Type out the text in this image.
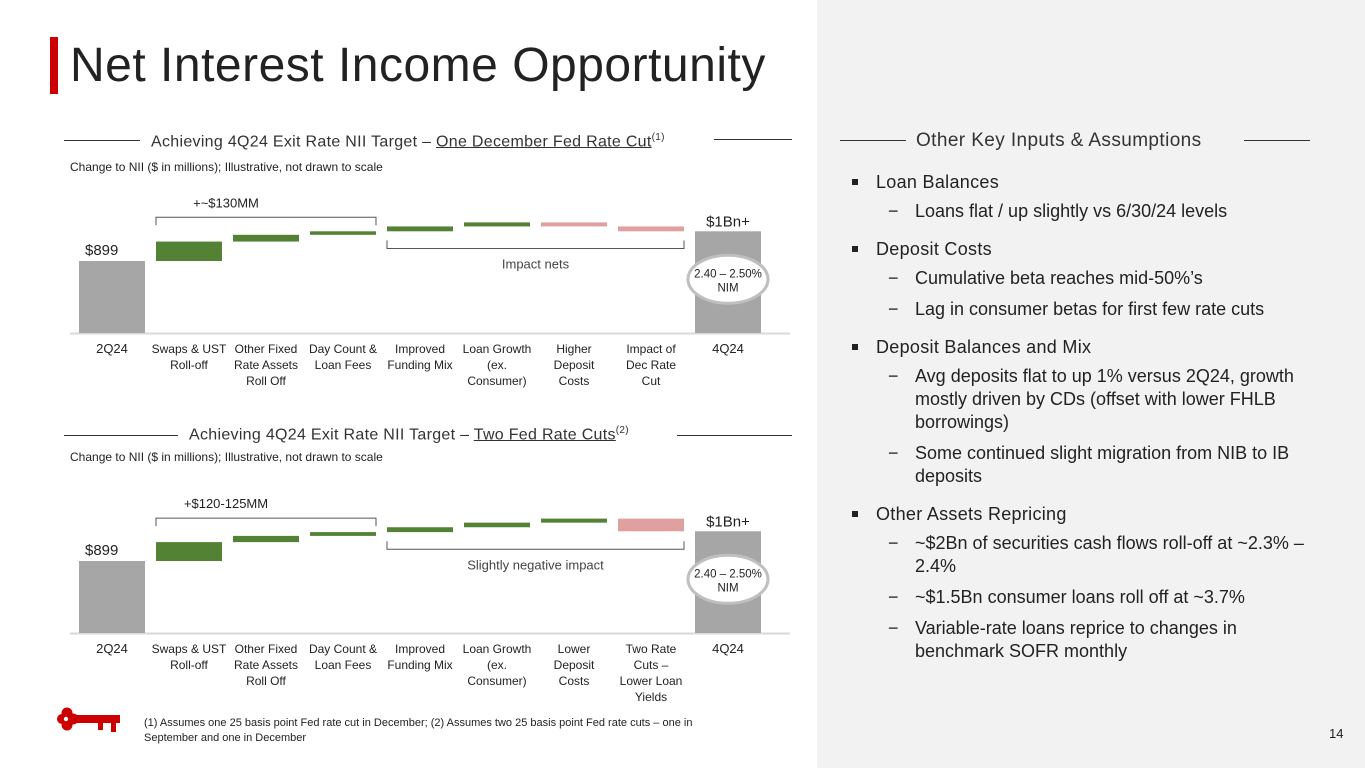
Net Interest Income Opportunity
Achieving 4Q24 Exit Rate NII Target – One December Fed Rate Cut$^{(1)}$
Change to NII ($ in millions); Illustrative, not drawn to scale
2Q24 Swaps & UST Roll-off
Other Fixed Rate Assets Roll Off
Day Count & Loan Fees
Improved Funding Mix
Loan Growth (ex. Consumer)
Higher Deposit Costs
Impact of Dec Rate Cut
4Q24
$899
$1Bn+
2.40 – 2.50% NIM
+~$130MM
Impact nets
Achieving 4Q24 Exit Rate NII Target – Two Fed Rate Cuts$^{(2)}$
Change to NII ($ in millions); Illustrative, not drawn to scale
2Q24 Swaps & UST Roll-off
Other Fixed Rate Assets Roll Off
Day Count & Loan Fees
Improved Funding Mix
Loan Growth (ex. Consumer)
Lower Deposit Costs
Two Rate Cuts – Lower Loan Yields
4Q24
$899
$1Bn+
2.40 – 2.50% NIM
+$120-125MM
Slightly negative impact
Other Key Inputs & Assumptions
Loan Balances
− Loans flat / up slightly vs 6/30/24 levels
Deposit Costs
− Cumulative beta reaches mid-50%’s
− Lag in consumer betas for first few rate cuts
Deposit Balances and Mix
− Avg deposits flat to up 1% versus 2Q24, growth mostly driven by CDs (offset with lower FHLB borrowings)
− Some continued slight migration from NIB to IB deposits
Other Assets Repricing
− ~$2Bn of securities cash flows roll-off at ~2.3% – 2.4%
− ~$1.5Bn consumer loans roll off at ~3.7%
− Variable-rate loans reprice to changes in benchmark SOFR monthly
(1) Assumes one 25 basis point Fed rate cut in December; (2) Assumes two 25 basis point Fed rate cuts – one in September and one in December	14
